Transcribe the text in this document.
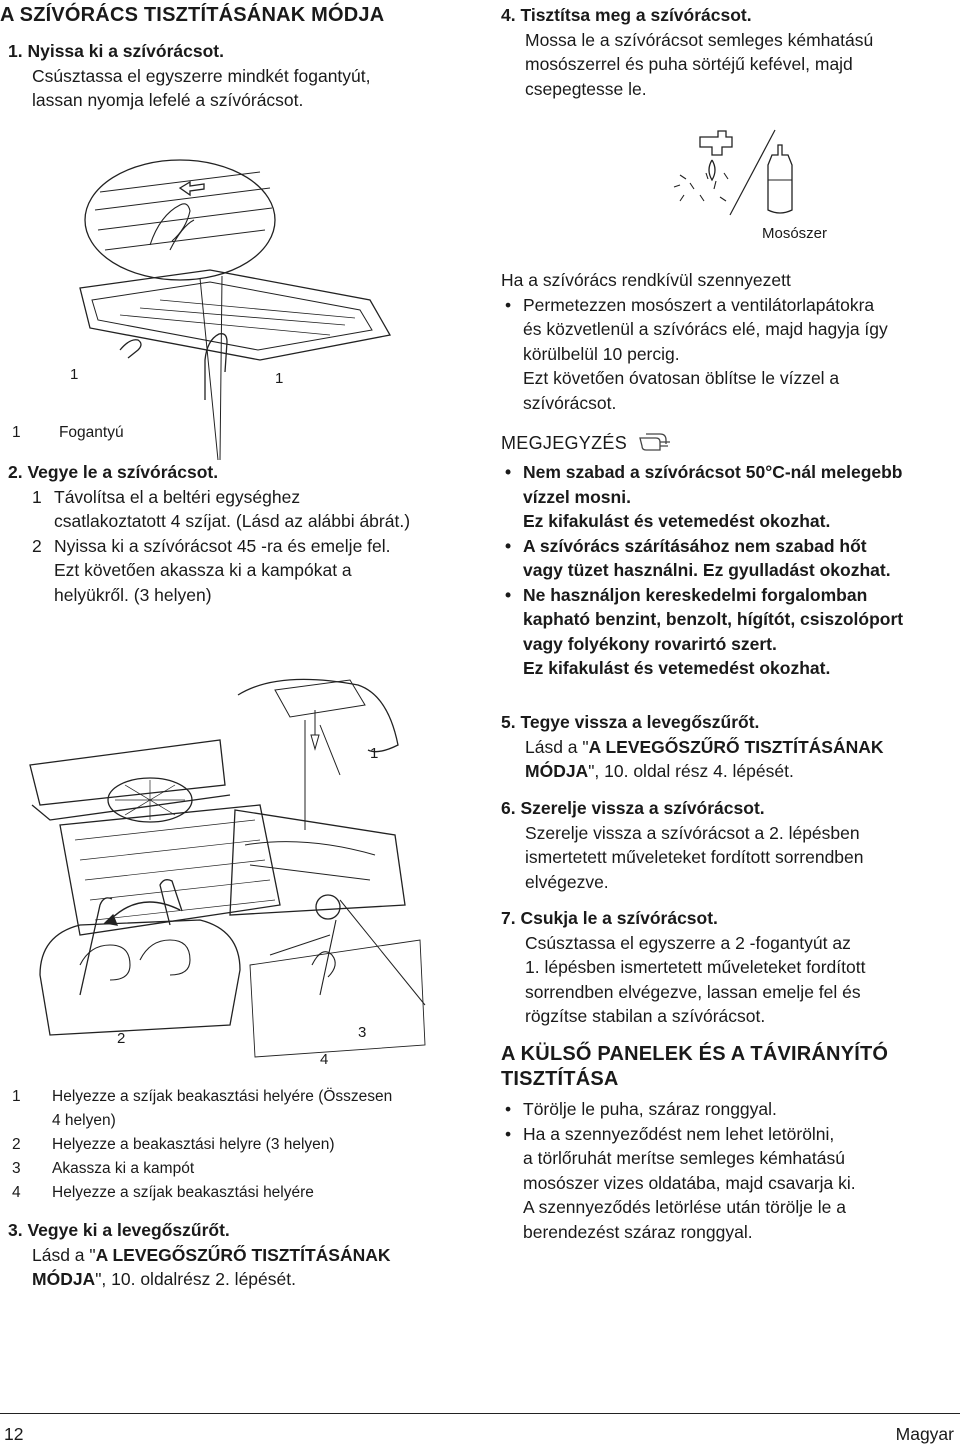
A SZÍVÓRÁCS TISZTÍTÁSÁNAK MÓDJA
1. Nyissa ki a szívórácsot.
Csúsztassa el egyszerre mindkét fogantyút,
lassan nyomja lefelé a szívórácsot.
1	1
1 Fogantyú
2. Vegye le a szívórácsot.
1 Távolítsa el a beltéri egységhez
csatlakoztatott 4 szíjat. (Lásd az alábbi ábrát.)
2 Nyissa ki a szívórácsot 45 -ra és emelje fel.
Ezt követően akassza ki a kampókat a
helyükről. (3 helyen)
1
2	3
4
1 Helyezze a szíjak beakasztási helyére (Összesen
4 helyen)
2 Helyezze a beakasztási helyre (3 helyen)
3 Akassza ki a kampót
4 Helyezze a szíjak beakasztási helyére
3. Vegye ki a levegőszűrőt.
Lásd a "A LEVEGŐSZŰRŐ TISZTÍTÁSÁNAK
MÓDJA", 10. oldalrész 2. lépését.
4. Tisztítsa meg a szívórácsot.
Mossa le a szívórácsot semleges kémhatású
mosószerrel és puha sörtéjű kefével, majd
csepegtesse le.
Mosószer
Ha a szívórács rendkívül szennyezett
• Permetezzen mosószert a ventilátorlapátokra
és közvetlenül a szívórács elé, majd hagyja így
körülbelül 10 percig.
Ezt követően óvatosan öblítse le vízzel a
szívórácsot.
MEGJEGYZÉS
• Nem szabad a szívórácsot 50°C-nál melegebb
vízzel mosni.
Ez kifakulást és vetemedést okozhat.
• A szívórács szárításához nem szabad hőt
vagy tüzet használni. Ez gyulladást okozhat.
• Ne használjon kereskedelmi forgalomban
kapható benzint, benzolt, hígítót, csiszolóport
vagy folyékony rovarirtó szert.
Ez kifakulást és vetemedést okozhat.
5. Tegye vissza a levegőszűrőt.
Lásd a "A LEVEGŐSZŰRŐ TISZTÍTÁSÁNAK
MÓDJA", 10. oldal rész 4. lépését.
6. Szerelje vissza a szívórácsot.
Szerelje vissza a szívórácsot a 2. lépésben
ismertetett műveleteket fordított sorrendben
elvégezve.
7. Csukja le a szívórácsot.
Csúsztassa el egyszerre a 2 -fogantyút az
1. lépésben ismertetett műveleteket fordított
sorrendben elvégezve, lassan emelje fel és
rögzítse stabilan a szívórácsot.
A KÜLSŐ PANELEK ÉS A TÁVIRÁNYÍTÓ
TISZTÍTÁSA
• Törölje le puha, száraz ronggyal.
• Ha a szennyeződést nem lehet letörölni,
a törlőruhát merítse semleges kémhatású
mosószer vizes oldatába, majd csavarja ki.
A szennyeződés letörlése után törölje le a
berendezést száraz ronggyal.
12	Magyar
